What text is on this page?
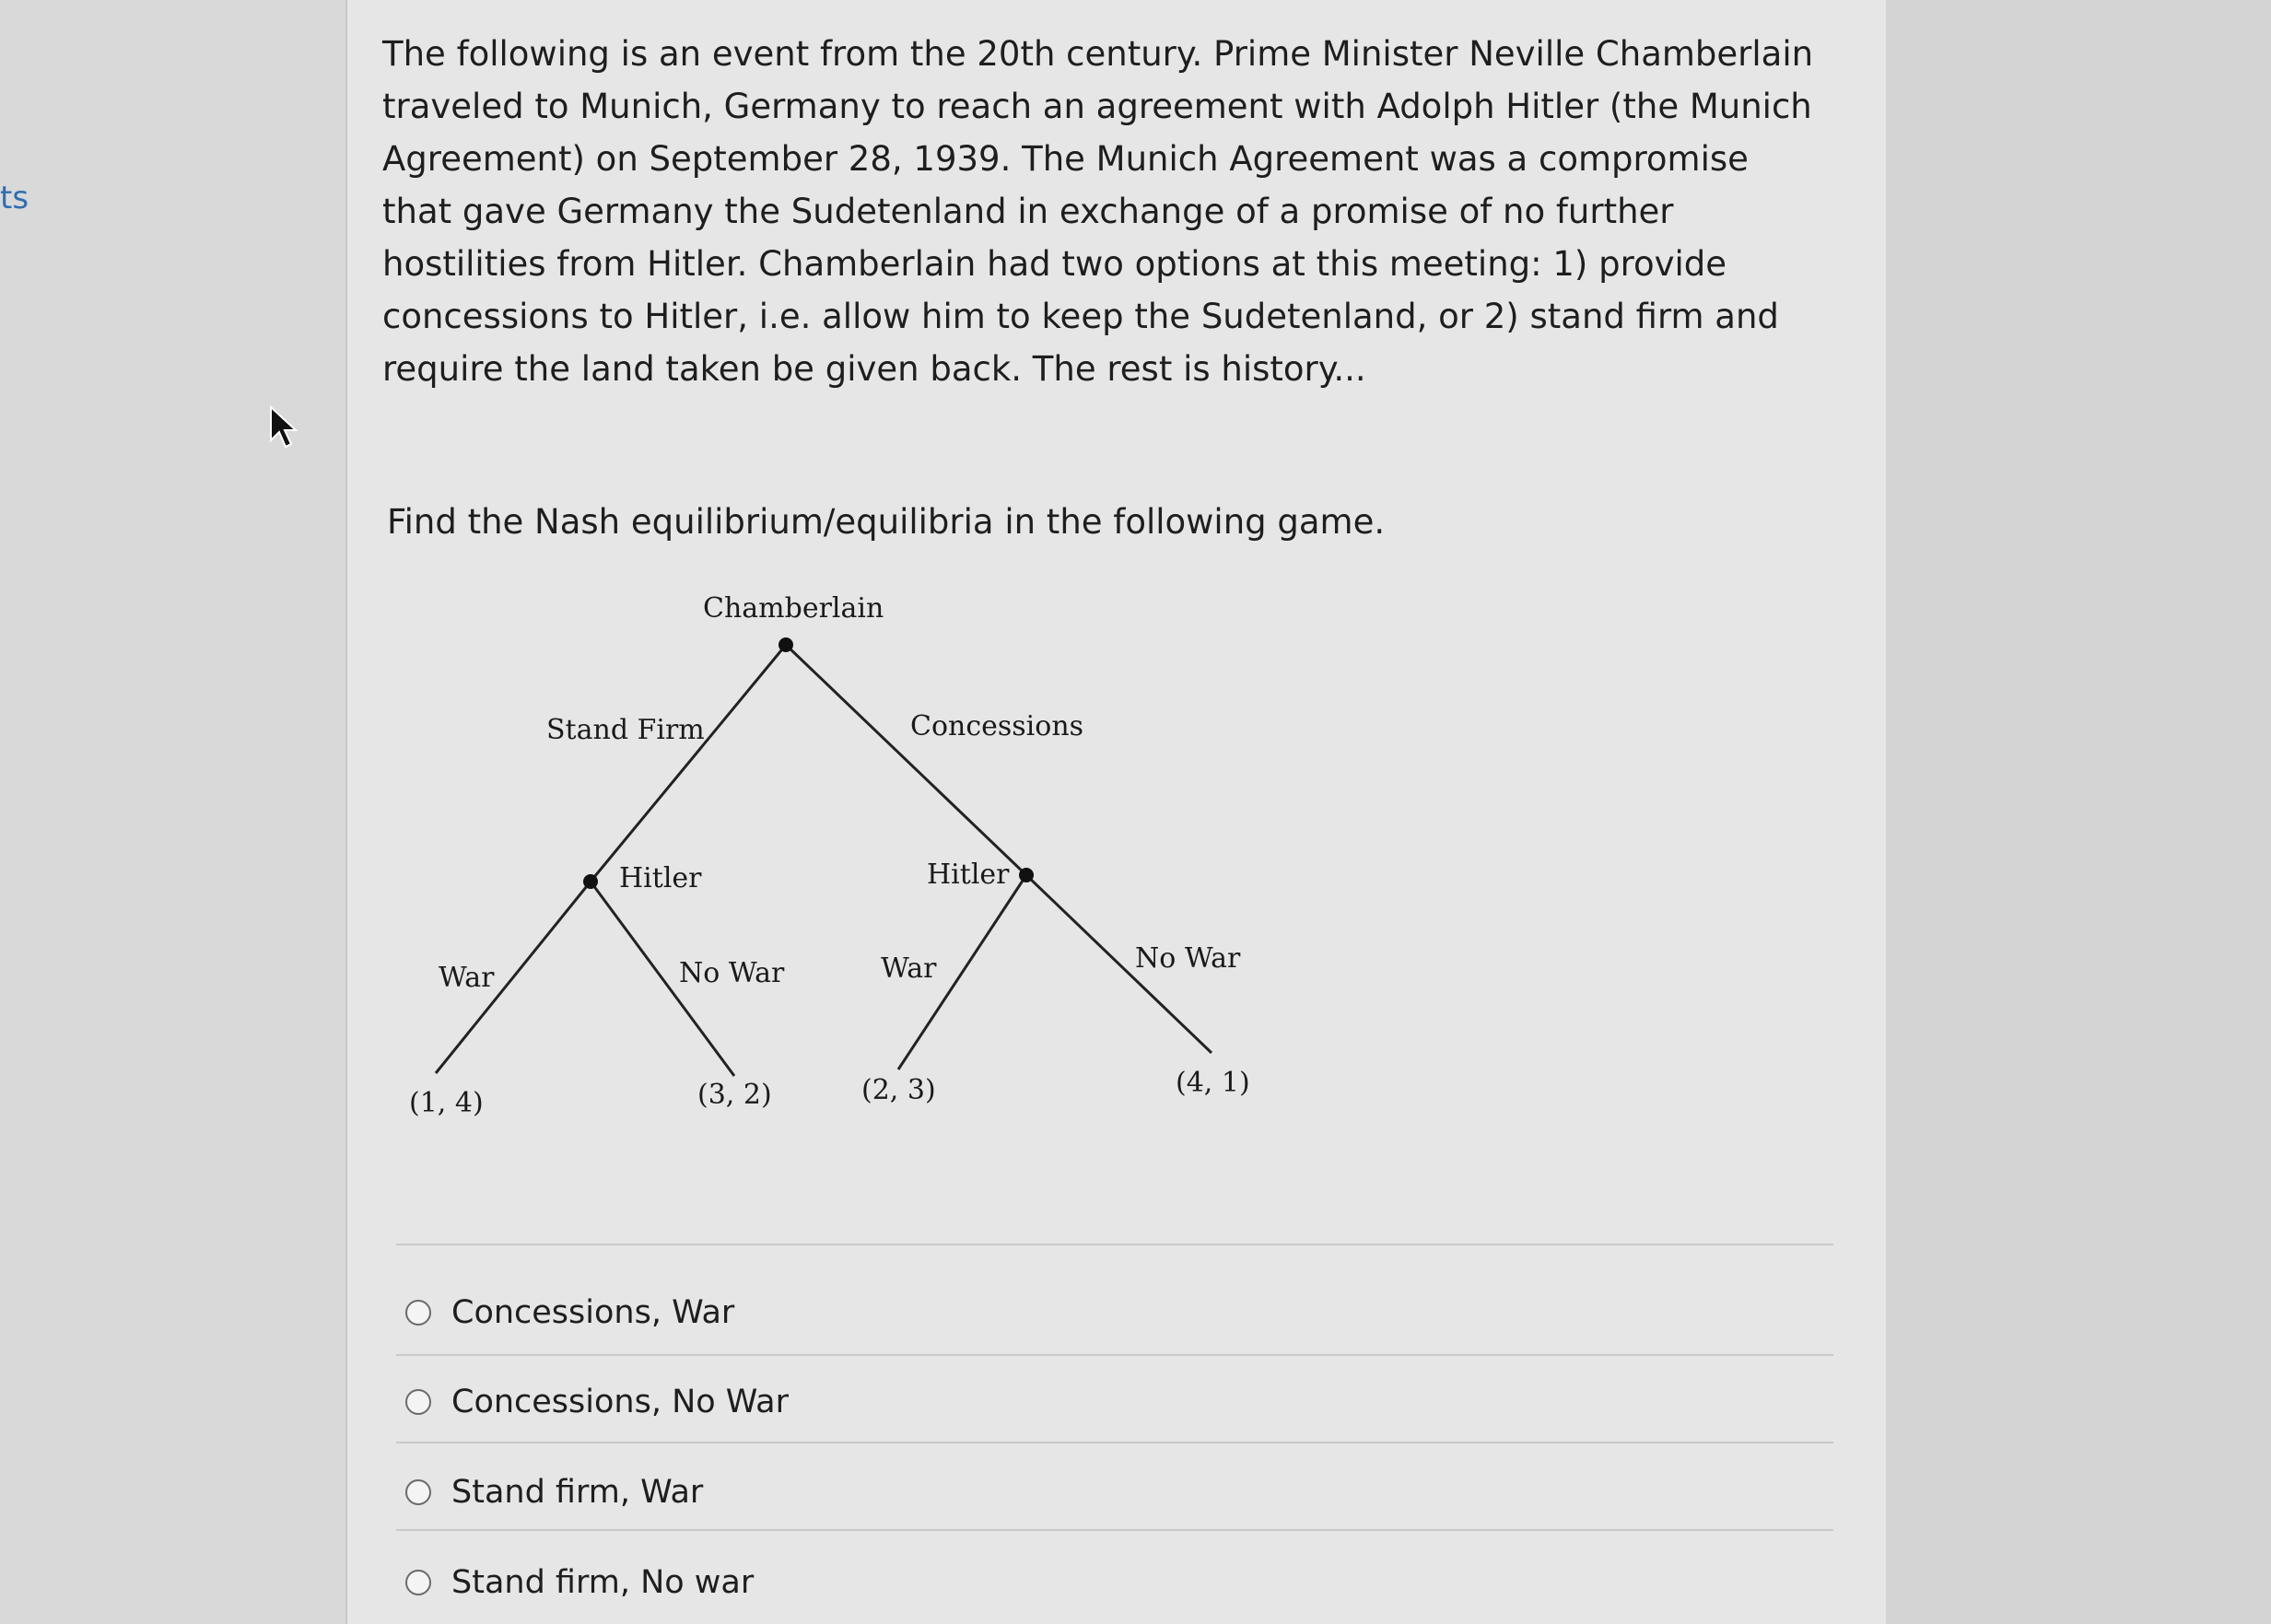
ts

The following is an event from the 20th century. Prime Minister Neville Chamberlain traveled to Munich, Germany to reach an agreement with Adolph Hitler (the Munich Agreement) on September 28, 1939. The Munich Agreement was a compromise that gave Germany the Sudetenland in exchange of a promise of no further hostilities from Hitler. Chamberlain had two options at this meeting: 1) provide concessions to Hitler, i.e. allow him to keep the Sudetenland, or 2) stand firm and require the land taken be given back. The rest is history...

Find the Nash equilibrium/equilibria in the following game.
Chamberlain
Stand Firm	Concessions
Hitler	Hitler
War	No War	War	No War
(1, 4)	(3, 2)	(2, 3)	(4, 1)
Concessions, War
Concessions, No War
Stand firm, War
Stand firm, No war
